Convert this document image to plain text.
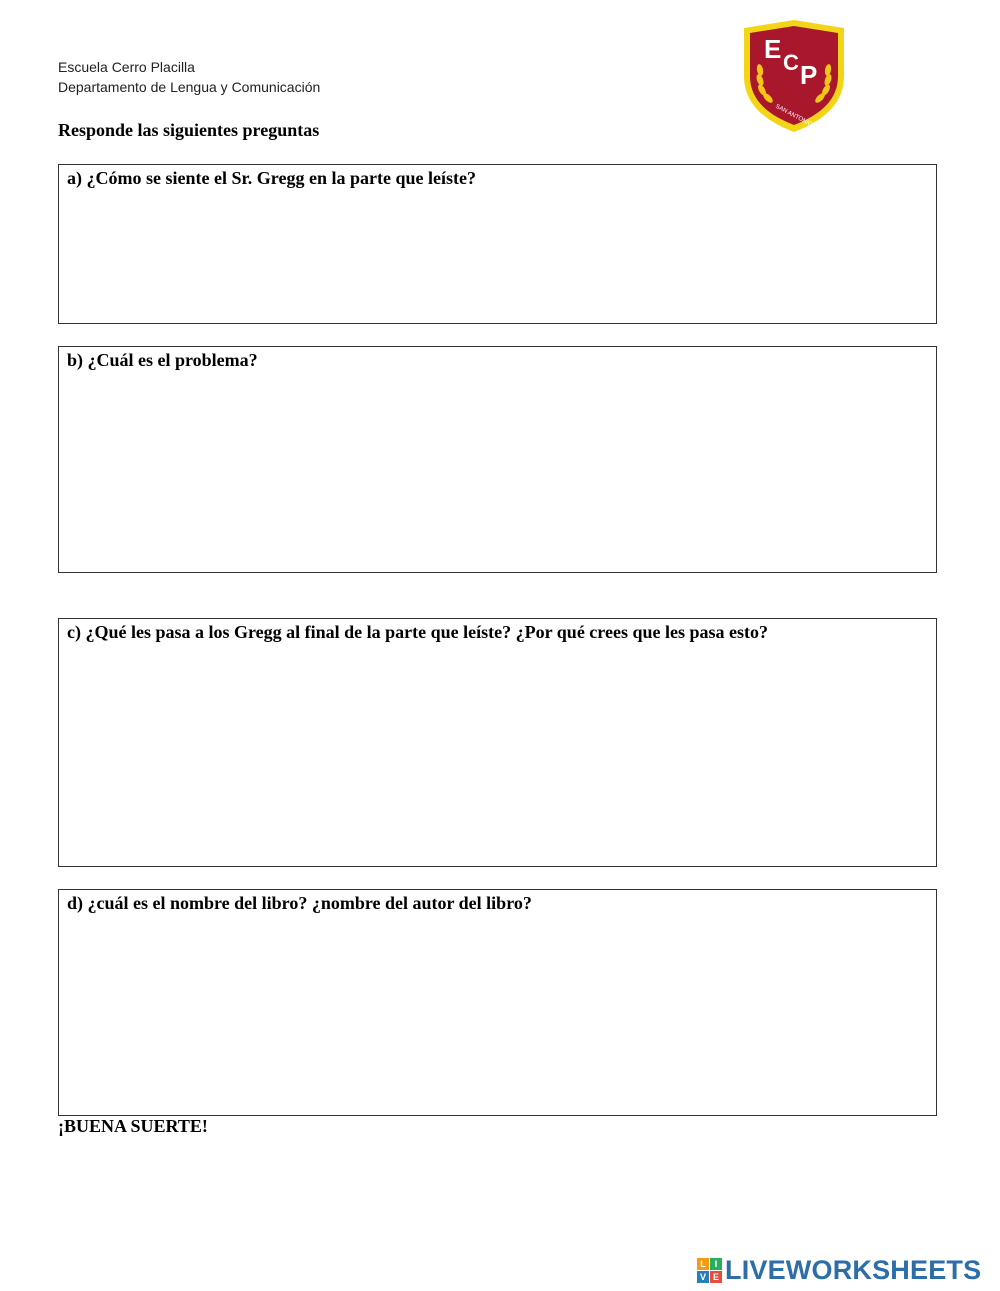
Escuela Cerro Placilla
Departamento de Lengua y Comunicación
E C P
SAN ANTONIO
Responde las siguientes preguntas
a) ¿Cómo se siente el Sr. Gregg en la parte que leíste?
b) ¿Cuál es el problema?
c) ¿Qué les pasa a los Gregg al final de la parte que leíste? ¿Por qué crees que les pasa esto?
d) ¿cuál es el nombre del libro? ¿nombre del autor del libro?
¡BUENA SUERTE!
L I
V E LIVEWORKSHEETS
